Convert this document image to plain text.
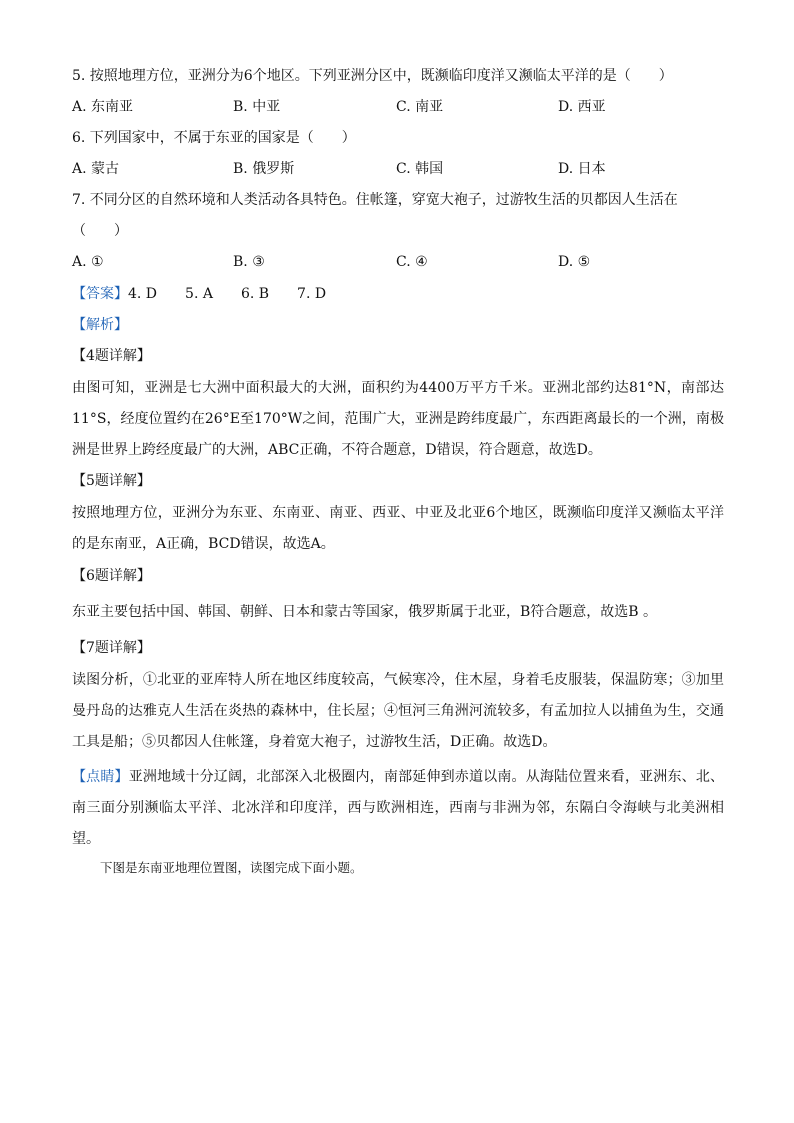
5. 按照地理方位，亚洲分为6个地区。下列亚洲分区中，既濒临印度洋又濒临太平洋的是（　　）
A. 东南亚	B. 中亚	C. 南亚	D. 西亚
6. 下列国家中，不属于东亚的国家是（　　）
A. 蒙古	B. 俄罗斯	C. 韩国	D. 日本
7. 不同分区的自然环境和人类活动各具特色。住帐篷，穿宽大袍子，过游牧生活的贝都因人生活在
（　　）
A. ①	B. ③	C. ④	D. ⑤
【答案】4. D　　5. A　　6. B　　7. D
【解析】
【4题详解】
由图可知，亚洲是七大洲中面积最大的大洲，面积约为4400万平方千米。亚洲北部约达81°N，南部达11°S，经度位置约在26°E至170°W之间，范围广大，亚洲是跨纬度最广，东西距离最长的一个洲，南极洲是世界上跨经度最广的大洲，ABC正确，不符合题意，D错误，符合题意，故选D。
【5题详解】
按照地理方位，亚洲分为东亚、东南亚、南亚、西亚、中亚及北亚6个地区，既濒临印度洋又濒临太平洋的是东南亚，A正确，BCD错误，故选A。
【6题详解】
东亚主要包括中国、韩国、朝鲜、日本和蒙古等国家，俄罗斯属于北亚，B符合题意，故选B 。
【7题详解】
读图分析，①北亚的亚库特人所在地区纬度较高，气候寒冷，住木屋，身着毛皮服装，保温防寒；③加里曼丹岛的达雅克人生活在炎热的森林中，住长屋；④恒河三角洲河流较多，有孟加拉人以捕鱼为生，交通工具是船；⑤贝都因人住帐篷，身着宽大袍子，过游牧生活，D正确。故选D。
【点睛】亚洲地域十分辽阔，北部深入北极圈内，南部延伸到赤道以南。从海陆位置来看，亚洲东、北、南三面分别濒临太平洋、北冰洋和印度洋，西与欧洲相连，西南与非洲为邻，东隔白令海峡与北美洲相望。
下图是东南亚地理位置图，读图完成下面小题。
